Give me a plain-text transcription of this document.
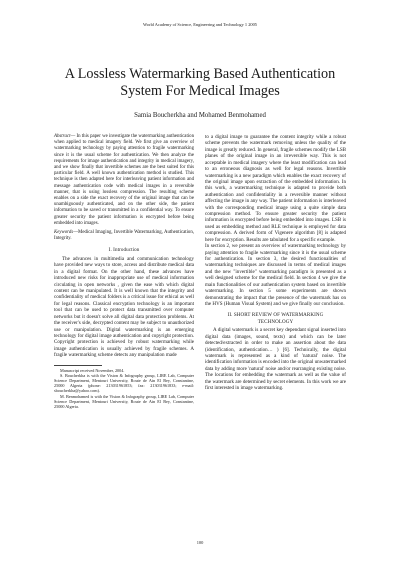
World Academy of Science, Engineering and Technology 1 2005
A Lossless Watermarking Based Authentication
System For Medical Images
Samia Boucherkha and Mohamed Benmohamed

Abstract— In this paper we investigate the watermarking authentication when applied to medical imagery field. We first give an overview of watermarking technology by paying attention to fragile watermarking since it is the usual scheme for authentication. We then analyze the requirements for image authentication and integrity in medical imagery, and we show finally that invertible schemes are the best suited for this particular field. A well known authentication method is studied. This technique is then adapted here for interleaving patient information and message authentication code with medical images in a reversible manner, that is using lossless compression. The resulting scheme enables on a side the exact recovery of the original image that can be unambiguously authenticated, and on the other side, the patient information to be saved or transmitted in a confidential way. To ensure greater security the patient information is encrypted before being embedded into images.

Keywords—Medical Imaging, Invertible Watermarking, Authentication, Integrity.

I. Introduction

The advances in multimedia and communication technology have provided new ways to store, access and distribute medical data in a digital format. On the other hand, these advances have introduced new risks for inappropriate use of medical information circulating in open networks , given the ease with which digital content can be manipulated. It is well known that the integrity and confidentiality of medical folders is a critical issue for ethical as well for legal reasons. Classical encryption technology is an important tool that can be used to protect data transmitted over computer networks but it doesn't solve all digital data protection problems. At the receiver's side, decrypted content may be subject to unauthorized use or manipulation. Digital watermarking is an emerging technology for digital image authentication and copyright protection. Copyright protection is achieved by robust watermarking while image authentication is usually achieved by fragile schemes. A fragile watermarking scheme detects any manipulation made

Manuscript received November, 2004.

S. Boucherkha is with the Vision & Infography group, LIRE Lab, Computer Science Department, Mentouri University, Route de Ain El Bey, Constantine, 25000 Algeria (phone: 213031961853; fax: 213031961833; e-mail: sboucherkha@yahoo.com).

M. Benmohamed is with the Vision & Infography group, LIRE Lab, Computer Science Department, Mentouri University, Route de Ain El Bey, Constantine, 25000 Algeria.

to a digital image to guarantee the content integrity while a robust scheme prevents the watermark removing unless the quality of the image is greatly reduced. In general, fragile schemes modify the LSB planes of the original image in an irreversible way. This is not acceptable in medical imagery where the least modification can lead to an erroneous diagnosis as well for legal reasons. Invertible watermarking is a new paradigm which enables the exact recovery of the original image upon extraction of the embedded information. In this work, a watermarking technique is adapted to provide both authentication and confidentiality in a reversible manner without affecting the image in any way. The patient information is interleaved with the corresponding medical image using a quite simple data compression method. To ensure greater security the patient information is encrypted before being embedded into images. LSB is used as embedding method and RLE technique is employed for data compression. A derived form of Vigenere algorithm [8] is adapted here for encryption. Results are tabulated for a specific example.

In section 2, we present an overview of watermarking technology by paying attention to fragile watermarking since it is the usual scheme for authentication. In section 3, the desired functionalities of watermarking techniques are discussed in terms of medical images and the new "invertible" watermarking paradigm is presented as a well designed scheme for the medical field. In section 4 we give the main functionalities of our authentication system based on invertible watermarking. In section 5 some experiments are shown demonstrating the impact that the presence of the watermark has on the HVS (Human Visual System) and we give finally our conclusion.

II. SHORT REVIEW OF WATERMARKING
TECHNOLOGY

A digital watermark is a secret key dependant signal inserted into digital data (images, sound, texts) and which can be later detected/extracted in order to make an assertion about the data (identification, authentication… ) [6]. Technically, the digital watermark is represented as a kind of 'natural' noise. The identification information is encoded into the original unwatermarked data by adding more 'natural' noise and/or rearranging existing noise. The locations for embedding the watermark as well as the value of the watermark are determined by secret elements. In this work we are first interested in image watermarking.

100
